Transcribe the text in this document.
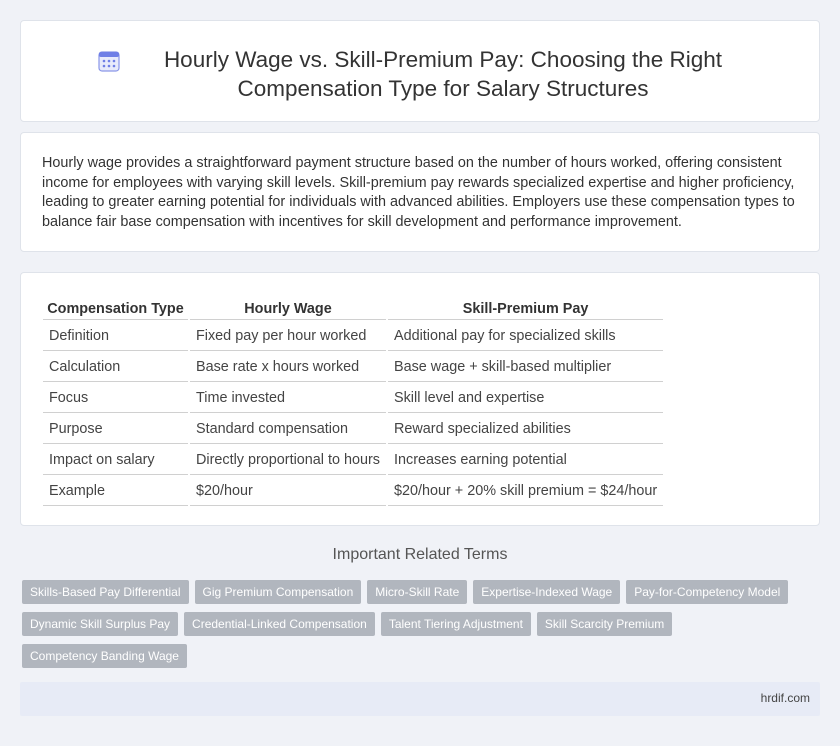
Hourly Wage vs. Skill-Premium Pay: Choosing the Right Compensation Type for Salary Structures

Hourly wage provides a straightforward payment structure based on the number of hours worked, offering consistent income for employees with varying skill levels. Skill-premium pay rewards specialized expertise and higher proficiency, leading to greater earning potential for individuals with advanced abilities. Employers use these compensation types to balance fair base compensation with incentives for skill development and performance improvement.

Compensation Type	Hourly Wage	Skill-Premium Pay
Definition	Fixed pay per hour worked	Additional pay for specialized skills
Calculation	Base rate x hours worked	Base wage + skill-based multiplier
Focus	Time invested	Skill level and expertise
Purpose	Standard compensation	Reward specialized abilities
Impact on salary	Directly proportional to hours	Increases earning potential
Example	$20/hour	$20/hour + 20% skill premium = $24/hour
Important Related Terms
Skills-Based Pay Differential	Gig Premium Compensation	Micro-Skill Rate	Expertise-Indexed Wage	Pay-for-Competency Model
Dynamic Skill Surplus Pay	Credential-Linked Compensation	Talent Tiering Adjustment	Skill Scarcity Premium
Competency Banding Wage
hrdif.com
